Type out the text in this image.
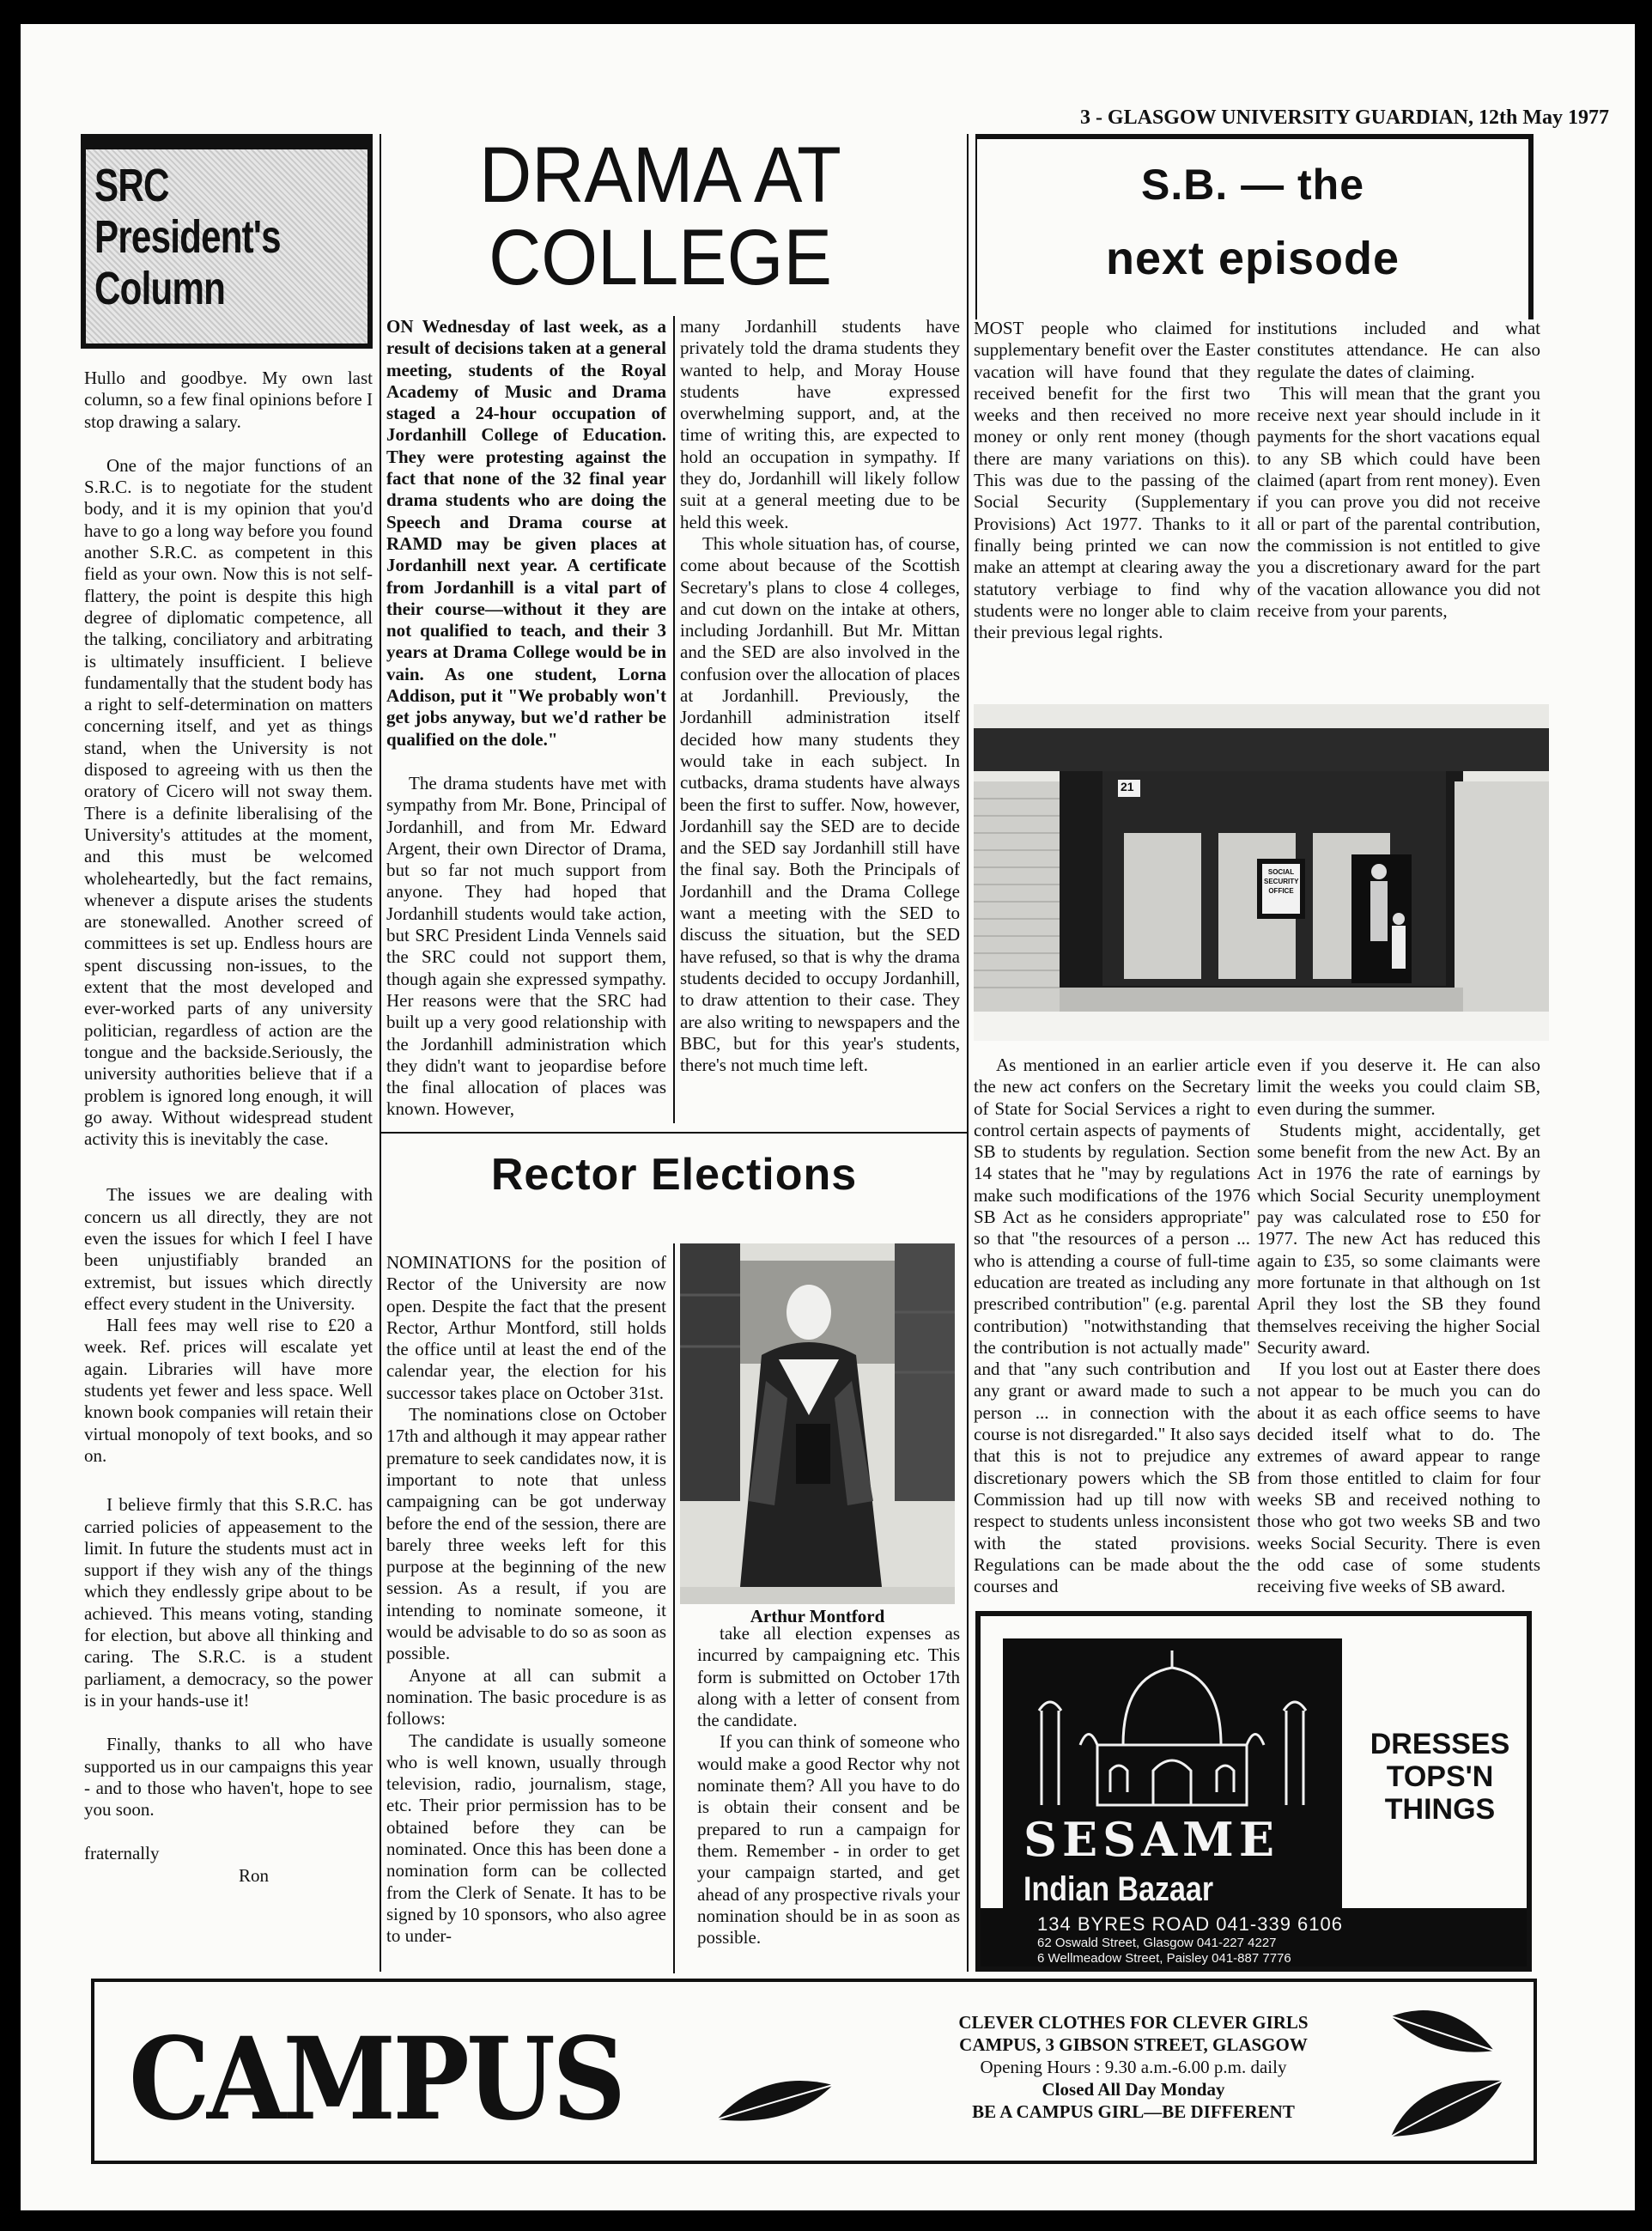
3 - GLASGOW UNIVERSITY GUARDIAN, 12th May 1977
SRC
President's
Column

Hullo and goodbye. My own last column, so a few final opinions before I stop drawing a salary.

One of the major functions of an S.R.C. is to negotiate for the student body, and it is my opinion that you'd have to go a long way before you found another S.R.C. as competent in this field as your own. Now this is not self-flattery, the point is despite this high degree of diplomatic competence, all the talking, conciliatory and arbitrating is ultimately insufficient. I believe fundamentally that the student body has a right to self-determination on matters concerning itself, and yet as things stand, when the University is not disposed to agreeing with us then the oratory of Cicero will not sway them. There is a definite liberalising of the University's attitudes at the moment, and this must be welcomed wholeheartedly, but the fact remains, whenever a dispute arises the students are stonewalled. Another screed of committees is set up. Endless hours are spent discussing non-issues, to the extent that the most developed and ever-worked parts of any university politician, regardless of action are the tongue and the backside.Seriously, the university authorities believe that if a problem is ignored long enough, it will go away. Without widespread student activity this is inevitably the case.

The issues we are dealing with concern us all directly, they are not even the issues for which I feel I have been unjustifiably branded an extremist, but issues which directly effect every student in the University.

Hall fees may well rise to £20 a week. Ref. prices will escalate yet again. Libraries will have more students yet fewer and less space. Well known book companies will retain their virtual monopoly of text books, and so on.

I believe firmly that this S.R.C. has carried policies of appeasement to the limit. In future the students must act in support if they wish any of the things which they endlessly gripe about to be achieved. This means voting, standing for election, but above all thinking and caring. The S.R.C. is a student parliament, a democracy, so the power is in your hands-use it!

Finally, thanks to all who have supported us in our campaigns this year - and to those who haven't, hope to see you soon.

fraternally

Ron

DRAMA AT
COLLEGE

ON Wednesday of last week, as a result of decisions taken at a general meeting, students of the Royal Academy of Music and Drama staged a 24-hour occupation of Jordanhill College of Education. They were protesting against the fact that none of the 32 final year drama students who are doing the Speech and Drama course at RAMD may be given places at Jordanhill next year. A certificate from Jordanhill is a vital part of their course—without it they are not qualified to teach, and their 3 years at Drama College would be in vain. As one student, Lorna Addison, put it "We probably won't get jobs anyway, but we'd rather be qualified on the dole."

The drama students have met with sympathy from Mr. Bone, Principal of Jordanhill, and from Mr. Edward Argent, their own Director of Drama, but so far not much support from anyone. They had hoped that Jordanhill students would take action, but SRC President Linda Vennels said the SRC could not support them, though again she expressed sympathy. Her reasons were that the SRC had built up a very good relationship with the Jordanhill administration which they didn't want to jeopardise before the final allocation of places was known. However,

many Jordanhill students have privately told the drama students they wanted to help, and Moray House students have expressed overwhelming support, and, at the time of writing this, are expected to hold an occupation in sympathy. If they do, Jordanhill will likely follow suit at a general meeting due to be held this week.

This whole situation has, of course, come about because of the Scottish Secretary's plans to close 4 colleges, and cut down on the intake at others, including Jordanhill. But Mr. Mittan and the SED are also involved in the confusion over the allocation of places at Jordanhill. Previously, the Jordanhill administration itself decided how many students they would take in each subject. In cutbacks, drama students have always been the first to suffer. Now, however, Jordanhill say the SED are to decide and the SED say Jordanhill still have the final say. Both the Principals of Jordanhill and the Drama College want a meeting with the SED to discuss the situation, but the SED have refused, so that is why the drama students decided to occupy Jordanhill, to draw attention to their case. They are also writing to newspapers and the BBC, but for this year's students, there's not much time left.

S.B. — the
next episode

MOST people who claimed for supplementary benefit over the Easter vacation will have found that they received benefit for the first two weeks and then received no more money or only rent money (though there are many variations on this). This was due to the passing of the Social Security (Supplementary Provisions) Act 1977. Thanks to it finally being printed we can now make an attempt at clearing away the statutory verbiage to find why students were no longer able to claim their previous legal rights.

institutions included and what constitutes attendance. He can also regulate the dates of claiming.

This will mean that the grant you receive next year should include in it payments for the short vacations equal to any SB which could have been claimed (apart from rent money). Even if you can prove you did not receive all or part of the parental contribution, the commission is not entitled to give you a discretionary award for the part of the vacation allowance you did not receive from your parents,

21
SOCIAL SECURITY OFFICE

As mentioned in an earlier article the new act confers on the Secretary of State for Social Services a right to control certain aspects of payments of SB to students by regulation. Section 14 states that he "may by regulations make such modifications of the 1976 SB Act as he considers appropriate" so that "the resources of a person ... who is attending a course of full-time education are treated as including any prescribed contribution" (e.g. parental contribution) "notwithstanding that the contribution is not actually made" and that "any such contribution and any grant or award made to such a person ... in connection with the course is not disregarded." It also says that this is not to prejudice any discretionary powers which the SB Commission had up till now with respect to students unless inconsistent with the stated provisions. Regulations can be made about the courses and

even if you deserve it. He can also limit the weeks you could claim SB, even during the summer.

Students might, accidentally, get some benefit from the new Act. By an Act in 1976 the rate of earnings by which Social Security unemployment pay was calculated rose to £50 for 1977. The new Act has reduced this again to £35, so some claimants were more fortunate in that although on 1st April they lost the SB they found themselves receiving the higher Social Security award.

If you lost out at Easter there does not appear to be much you can do about it as each office seems to have decided itself what to do. The extremes of award appear to range from those entitled to claim for four weeks SB and received nothing to those who got two weeks SB and two weeks Social Security. There is even the odd case of some students receiving five weeks of SB award.

Rector Elections

NOMINATIONS for the position of Rector of the University are now open. Despite the fact that the present Rector, Arthur Montford, still holds the office until at least the end of the calendar year, the election for his successor takes place on October 31st.

The nominations close on October 17th and although it may appear rather premature to seek candidates now, it is important to note that unless campaigning can be got underway before the end of the session, there are barely three weeks left for this purpose at the beginning of the new session. As a result, if you are intending to nominate someone, it would be advisable to do so as soon as possible.

Anyone at all can submit a nomination. The basic procedure is as follows:

The candidate is usually someone who is well known, usually through television, radio, journalism, stage, etc. Their prior permission has to be obtained before they can be nominated. Once this has been done a nomination form can be collected from the Clerk of Senate. It has to be signed by 10 sponsors, who also agree to under-

Arthur Montford

take all election expenses as incurred by campaigning etc. This form is submitted on October 17th along with a letter of consent from the candidate.

If you can think of someone who would make a good Rector why not nominate them? All you have to do is obtain their consent and be prepared to run a campaign for them. Remember - in order to get your campaign started, and get ahead of any prospective rivals your nomination should be in as soon as possible.

SESAME
Indian Bazaar
DRESSES
TOPS'N
THINGS
134 BYRES ROAD 041-339 6106
62 Oswald Street, Glasgow 041-227 4227
6 Wellmeadow Street, Paisley 041-887 7776
CAMPUS	CLEVER CLOTHES FOR CLEVER GIRLS
CAMPUS, 3 GIBSON STREET, GLASGOW
Opening Hours : 9.30 a.m.-6.00 p.m. daily
Closed All Day Monday
BE A CAMPUS GIRL—BE DIFFERENT
